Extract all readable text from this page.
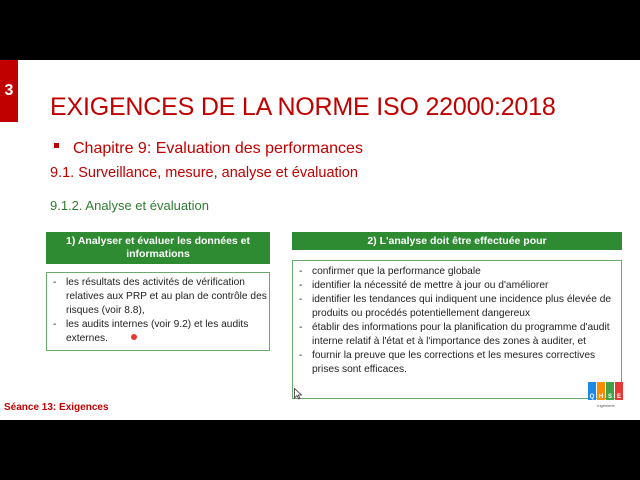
3
EXIGENCES DE LA NORME ISO 22000:2018
Chapitre 9: Evaluation des performances
9.1. Surveillance, mesure, analyse et évaluation
9.1.2. Analyse et évaluation
1) Analyser et évaluer les données et informations
- les résultats des activités de vérification relatives aux PRP et au plan de contrôle des risques (voir 8.8),
- les audits internes (voir 9.2) et les audits externes.
2) L'analyse doit être effectuée pour
- confirmer que la performance globale
- identifier la nécessité de mettre à jour ou d'améliorer
- identifier les tendances qui indiquent une incidence plus élevée de produits ou procédés potentiellement dangereux
- établir des informations pour la planification du programme d'audit interne relatif à l'état et à l'importance des zones à auditer, et
- fournir la preuve que les corrections et les mesures correctives prises sont efficaces.
Séance 13: Exigences
Q H S E
Ingénierie
